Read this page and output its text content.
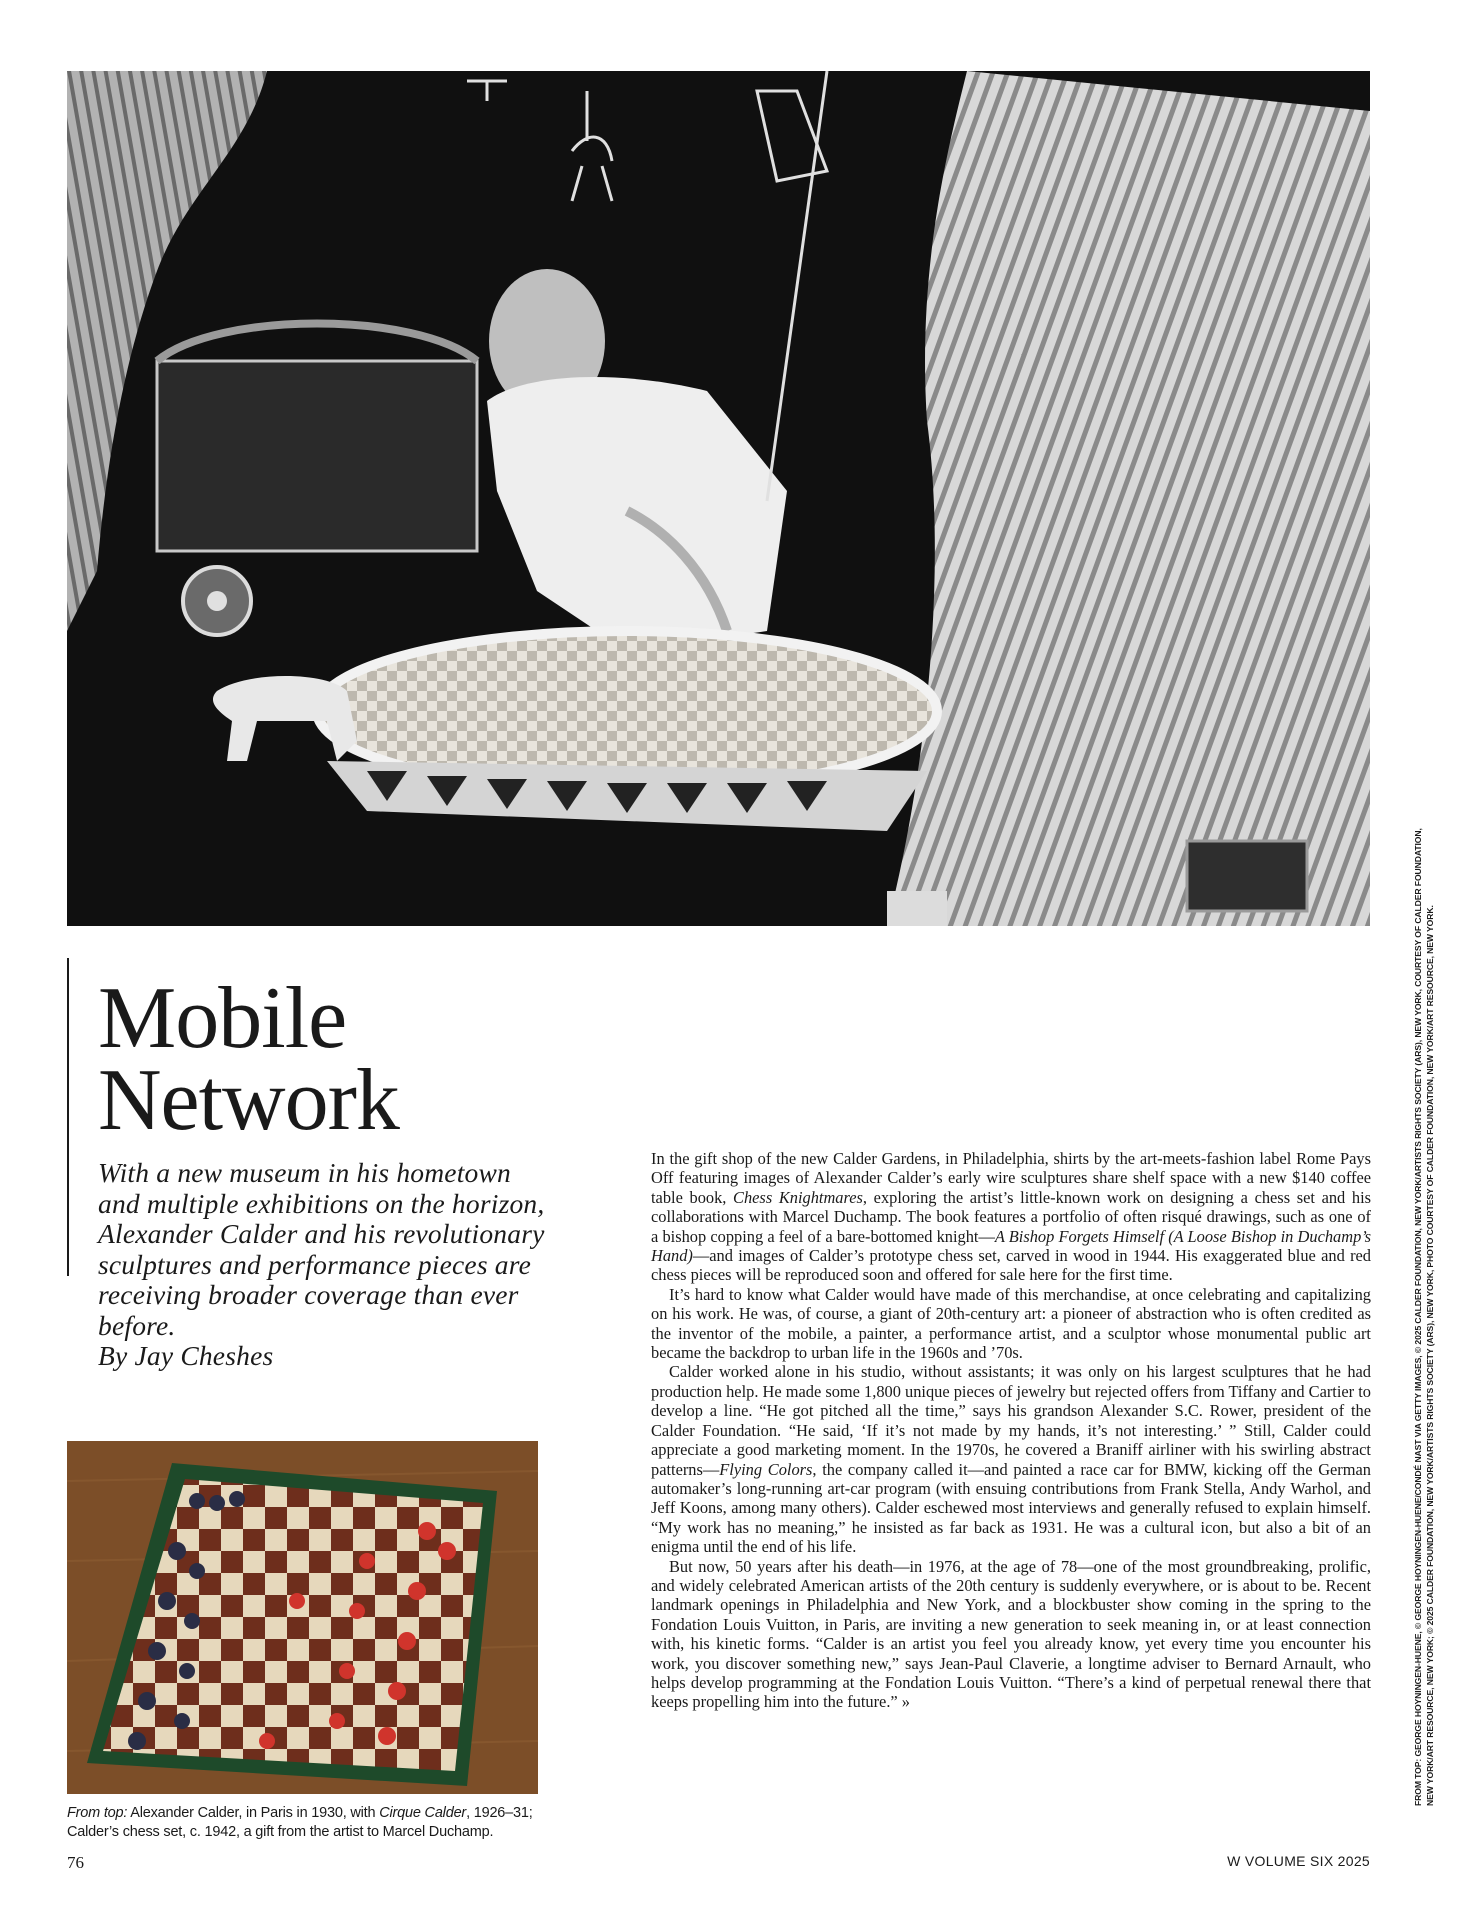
Mobile
Network
With a new museum in his hometown and multiple exhibitions on the horizon, Alexander Calder and his revolutionary sculptures and performance pieces are receiving broader coverage than ever before.
By Jay Cheshes
From top: Alexander Calder, in Paris in 1930, with Cirque Calder, 1926–31; Calder’s chess set, c. 1942, a gift from the artist to Marcel Duchamp.

In the gift shop of the new Calder Gardens, in Philadelphia, shirts by the art-meets-fashion label Rome Pays Off featuring images of Alexander Calder’s early wire sculptures share shelf space with a new $140 coffee table book, Chess Knightmares, exploring the artist’s little-known work on designing a chess set and his collaborations with Marcel Duchamp. The book features a portfolio of often risqué drawings, such as one of a bishop copping a feel of a bare-bottomed knight—A Bishop Forgets Himself (A Loose Bishop in Duchamp’s Hand)—and images of Calder’s prototype chess set, carved in wood in 1944. His exaggerated blue and red chess pieces will be reproduced soon and offered for sale here for the first time.

It’s hard to know what Calder would have made of this merchandise, at once celebrating and capitalizing on his work. He was, of course, a giant of 20th-century art: a pioneer of abstraction who is often credited as the inventor of the mobile, a painter, a performance artist, and a sculptor whose monumental public art became the backdrop to urban life in the 1960s and ’70s.

Calder worked alone in his studio, without assistants; it was only on his largest sculptures that he had production help. He made some 1,800 unique pieces of jewelry but rejected offers from Tiffany and Cartier to develop a line. “He got pitched all the time,” says his grandson Alexander S.C. Rower, president of the Calder Foundation. “He said, ‘If it’s not made by my hands, it’s not interesting.’ ” Still, Calder could appreciate a good marketing moment. In the 1970s, he covered a Braniff airliner with his swirling abstract patterns—Flying Colors, the company called it—and painted a race car for BMW, kicking off the German automaker’s long-running art-car program (with ensuing contributions from Frank Stella, Andy Warhol, and Jeff Koons, among many others). Calder eschewed most interviews and generally refused to explain himself. “My work has no meaning,” he insisted as far back as 1931. He was a cultural icon, but also a bit of an enigma until the end of his life.

But now, 50 years after his death—in 1976, at the age of 78—one of the most groundbreaking, prolific, and widely celebrated American artists of the 20th century is suddenly everywhere, or is about to be. Recent landmark openings in Philadelphia and New York, and a blockbuster show coming in the spring to the Fondation Louis Vuitton, in Paris, are inviting a new generation to seek meaning in, or at least connection with, his kinetic forms. “Calder is an artist you feel you already know, yet every time you encounter his work, you discover something new,” says Jean-Paul Claverie, a longtime adviser to Bernard Arnault, who helps develop programming at the Fondation Louis Vuitton. “There’s a kind of perpetual renewal there that keeps propelling him into the future.” »	FROM TOP: GEORGE HOYNINGEN-HUENE, © GEORGE HOYNINGEN-HUENE/CONDÉ NAST VIA GETTY IMAGES, © 2025 CALDER FOUNDATION, NEW YORK/ARTISTS RIGHTS SOCIETY (ARS), NEW YORK, COURTESY OF CALDER FOUNDATION, NEW YORK/ART RESOURCE, NEW YORK; © 2025 CALDER FOUNDATION, NEW YORK/ARTISTS RIGHTS SOCIETY (ARS), NEW YORK, PHOTO COURTESY OF CALDER FOUNDATION, NEW YORK/ART RESOURCE, NEW YORK.
76	W VOLUME SIX 2025
